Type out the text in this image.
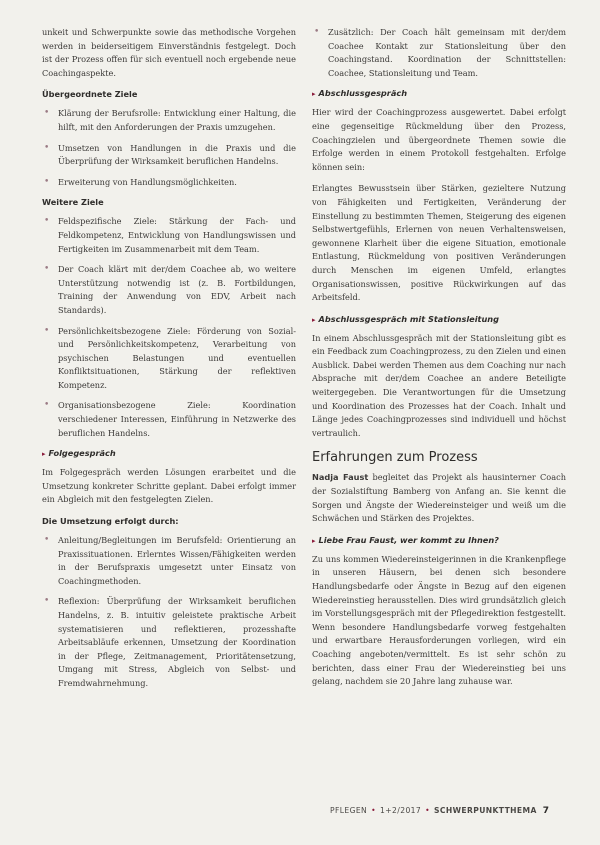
unkeit und Schwerpunkte sowie das methodische Vorgehen werden in beiderseitigem Einverständnis festgelegt. Doch ist der Prozess offen für sich eventuell noch ergebende neue Coachingaspekte.

Übergeordnete Ziele
• Klärung der Berufsrolle: Entwicklung einer Haltung, die hilft, mit den Anforderungen der Praxis umzugehen.
• Umsetzen von Handlungen in die Praxis und die Überprüfung der Wirksamkeit beruflichen Handelns.
• Erweiterung von Handlungsmöglichkeiten.
Weitere Ziele
• Feldspezifische Ziele: Stärkung der Fach- und Feldkompetenz, Entwicklung von Handlungswissen und Fertigkeiten im Zusammenarbeit mit dem Team.
• Der Coach klärt mit der/dem Coachee ab, wo weitere Unterstützung notwendig ist (z. B. Fortbildungen, Training der Anwendung von EDV, Arbeit nach Standards).
• Persönlichkeitsbezogene Ziele: Förderung von Sozial- und Persönlichkeitskompetenz, Verarbeitung von psychischen Belastungen und eventuellen Konfliktsituationen, Stärkung der reflektiven Kompetenz.
• Organisationsbezogene Ziele: Koordination verschiedener Interessen, Einführung in Netzwerke des beruflichen Handelns.
▸ Folgegespräch

Im Folgegespräch werden Lösungen erarbeitet und die Umsetzung konkreter Schritte geplant. Dabei erfolgt immer ein Abgleich mit den festgelegten Zielen.

Die Umsetzung erfolgt durch:
• Anleitung/Begleitungen im Berufsfeld: Orientierung an Praxissituationen. Erlerntes Wissen/Fähigkeiten werden in der Berufspraxis umgesetzt unter Einsatz von Coachingmethoden.
• Reflexion: Überprüfung der Wirksamkeit beruflichen Handelns, z. B. intuitiv geleistete praktische Arbeit systematisieren und reflektieren, prozesshafte Arbeitsabläufe erkennen, Umsetzung der Koordination in der Pflege, Zeitmanagement, Prioritätensetzung, Umgang mit Stress, Abgleich von Selbst- und Fremdwahrnehmung.
• Zusätzlich: Der Coach hält gemeinsam mit der/dem Coachee Kontakt zur Stationsleitung über den Coachingstand. Koordination der Schnittstellen: Coachee, Stationsleitung und Team.
▸ Abschlussgespräch

Hier wird der Coachingprozess ausgewertet. Dabei erfolgt eine gegenseitige Rückmeldung über den Prozess, Coachingzielen und übergeordnete Themen sowie die Erfolge werden in einem Protokoll festgehalten. Erfolge können sein:

Erlangtes Bewusstsein über Stärken, gezieltere Nutzung von Fähigkeiten und Fertigkeiten, Veränderung der Einstellung zu bestimmten Themen, Steigerung des eigenen Selbstwertgefühls, Erlernen von neuen Verhaltensweisen, gewonnene Klarheit über die eigene Situation, emotionale Entlastung, Rückmeldung von positiven Veränderungen durch Menschen im eigenen Umfeld, erlangtes Organisationswissen, positive Rückwirkungen auf das Arbeitsfeld.

▸ Abschlussgespräch mit Stationsleitung

In einem Abschlussgespräch mit der Stationsleitung gibt es ein Feedback zum Coachingprozess, zu den Zielen und einen Ausblick. Dabei werden Themen aus dem Coaching nur nach Absprache mit der/dem Coachee an andere Beteiligte weitergegeben. Die Verantwortungen für die Umsetzung und Koordination des Prozesses hat der Coach. Inhalt und Länge jedes Coachingprozesses sind individuell und höchst vertraulich.

Erfahrungen zum Prozess

Nadja Faust begleitet das Projekt als hausinterner Coach der Sozialstiftung Bamberg von Anfang an. Sie kennt die Sorgen und Ängste der Wiedereinsteiger und weiß um die Schwächen und Stärken des Projektes.

▸ Liebe Frau Faust, wer kommt zu Ihnen?

Zu uns kommen Wiedereinsteigerinnen in die Krankenpflege in unseren Häusern, bei denen sich besondere Handlungsbedarfe oder Ängste in Bezug auf den eigenen Wiedereinstieg herausstellen. Dies wird grundsätzlich gleich im Vorstellungsgespräch mit der Pflegedirektion festgestellt. Wenn besondere Handlungsbedarfe vorweg festgehalten und erwartbare Herausforderungen vorliegen, wird ein Coaching angeboten/vermittelt. Es ist sehr schön zu berichten, dass einer Frau der Wiedereinstieg bei uns gelang, nachdem sie 20 Jahre lang zuhause war.

PFLEGEN • 1+2/2017 • SCHWERPUNKTTHEMA 7
